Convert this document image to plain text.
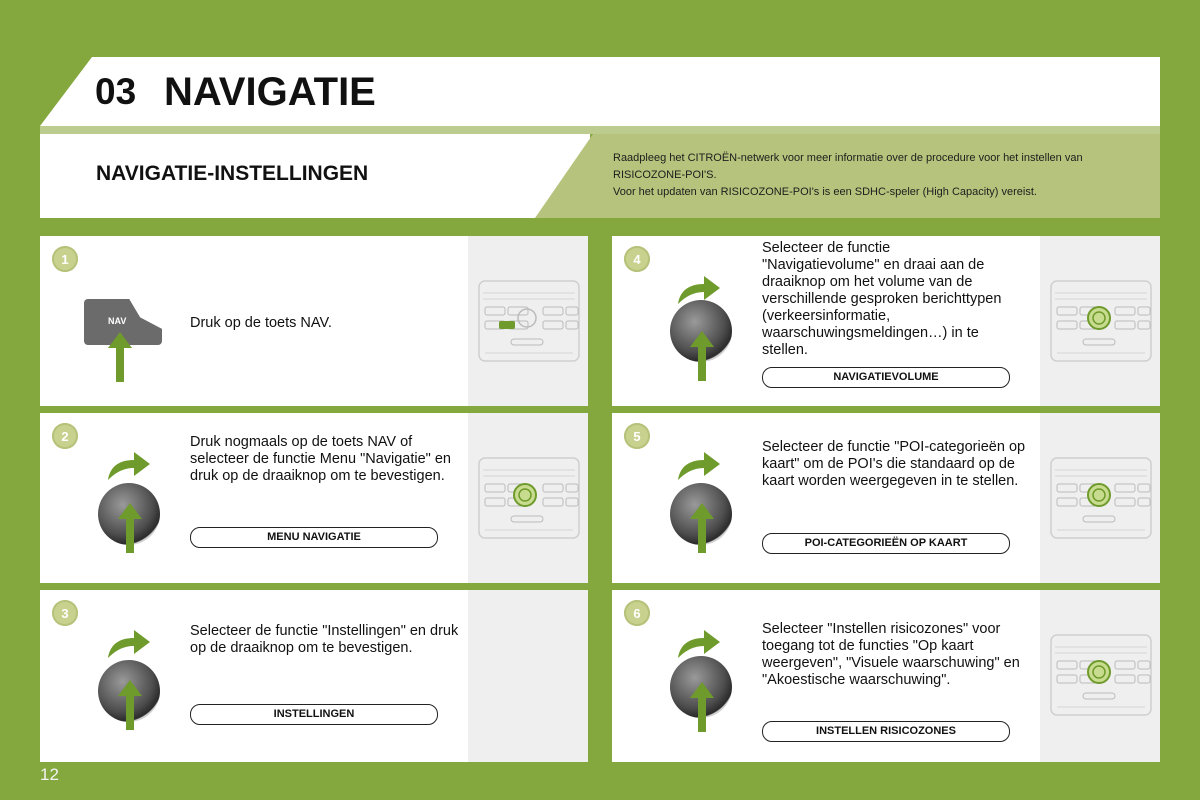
03 NAVIGATIE
NAVIGATIE-INSTELLINGEN
Raadpleeg het CITROËN-netwerk voor meer informatie over de procedure voor het instellen van
RISICOZONE-POI'S.
Voor het updaten van RISICOZONE-POI's is een SDHC-speler (High Capacity) vereist.
1
NAV	Druk op de toets NAV.
2	Druk nogmaals op de toets NAV of selecteer de functie Menu "Navigatie" en druk op de draaiknop om te bevestigen.
MENU NAVIGATIE
3
Selecteer de functie "Instellingen" en druk op de draaiknop om te bevestigen.
INSTELLINGEN
4
Selecteer de functie "Navigatievolume" en draai aan de draaiknop om het volume van de verschillende gesproken berichttypen (verkeersinformatie, waarschuwingsmeldingen…) in te stellen.
NAVIGATIEVOLUME
5
Selecteer de functie "POI-categorieën op kaart" om de POI's die standaard op de kaart worden weergegeven in te stellen.
POI-CATEGORIEËN OP KAART
6
Selecteer "Instellen risicozones" voor toegang tot de functies "Op kaart weergeven", "Visuele waarschuwing" en "Akoestische waarschuwing".
INSTELLEN RISICOZONES
12
